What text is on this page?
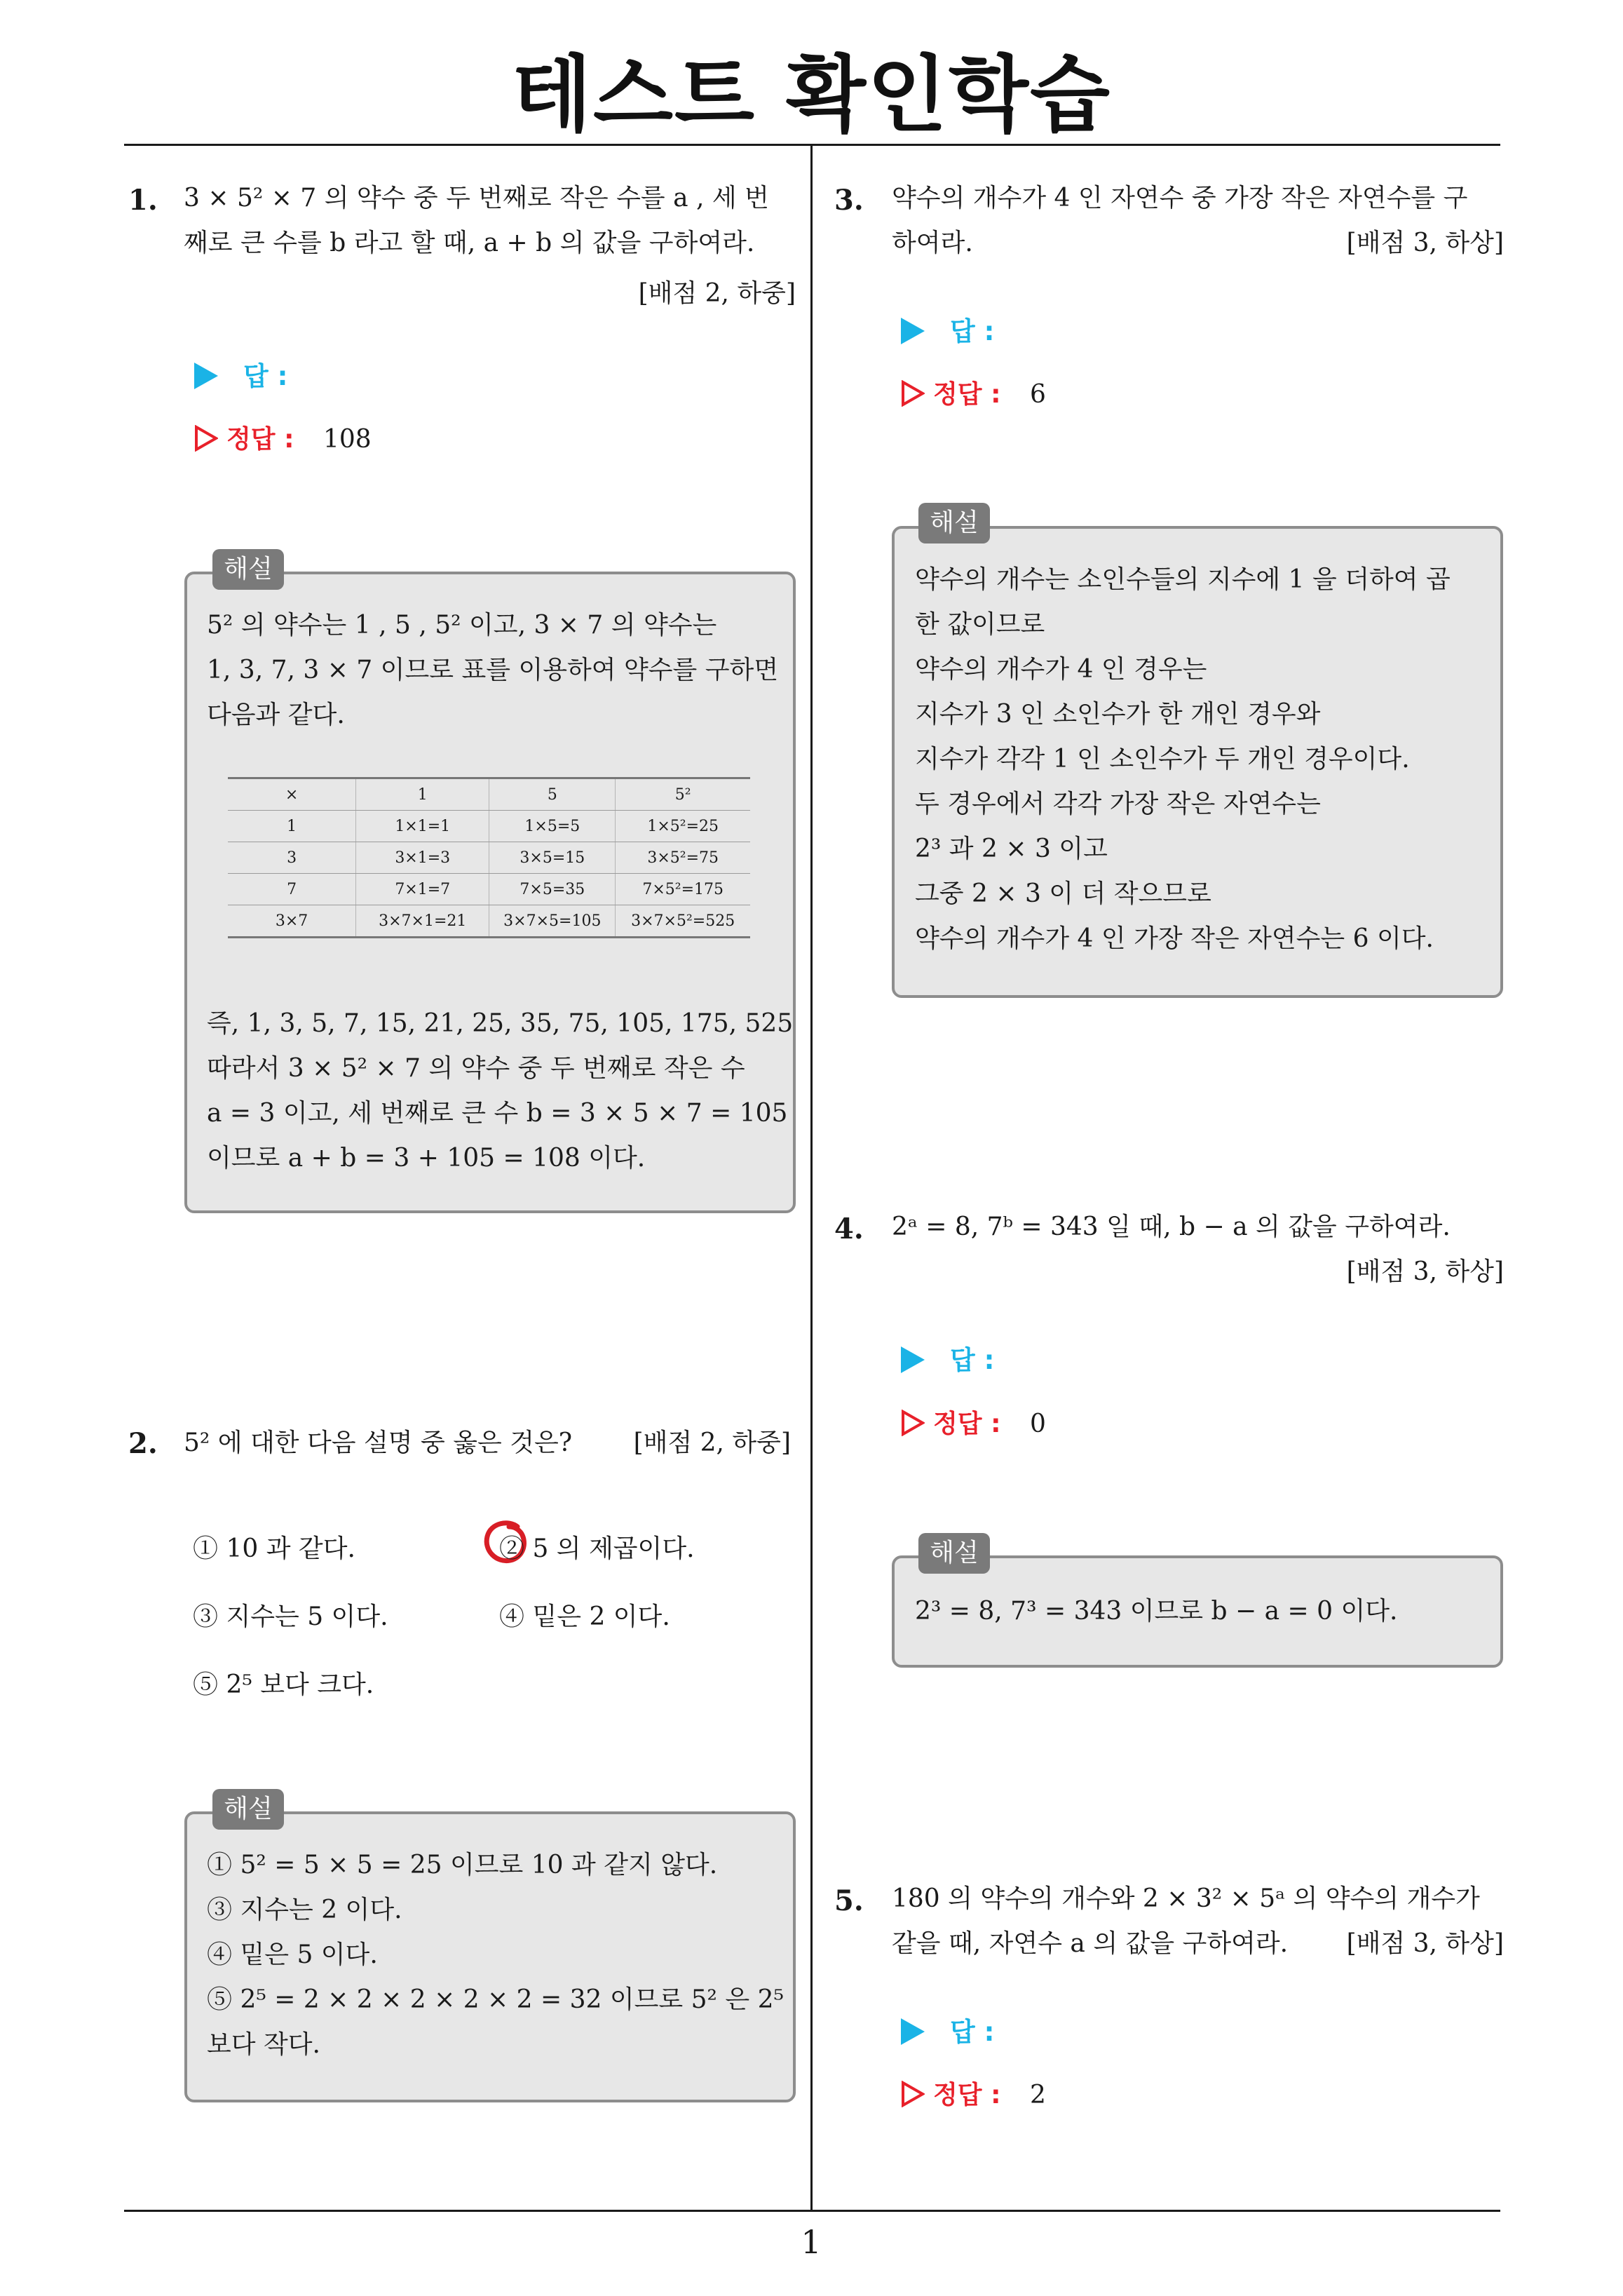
테스트 확인학습
1
1. 3 × 5² × 7 의 약수 중 두 번째로 작은 수를 a , 세 번
째로 큰 수를 b 라고 할 때, a + b 의 값을 구하여라.
[배점 2, 하중]
답 :
정답 : 108
해설
5² 의 약수는 1 , 5 , 5² 이고, 3 × 7 의 약수는
1, 3, 7, 3 × 7 이므로 표를 이용하여 약수를 구하면
다음과 같다.
×	1	5	5²
1	1×1=1	1×5=5	1×5²=25
3	3×1=3	3×5=15	3×5²=75
7	7×1=7	7×5=35	7×5²=175
3×7	3×7×1=21	3×7×5=105	3×7×5²=525
즉, 1, 3, 5, 7, 15, 21, 25, 35, 75, 105, 175, 525
따라서 3 × 5² × 7 의 약수 중 두 번째로 작은 수
a = 3 이고, 세 번째로 큰 수 b = 3 × 5 × 7 = 105
이므로 a + b = 3 + 105 = 108 이다.
2. 5² 에 대한 다음 설명 중 옳은 것은?	[배점 2, 하중]
① 10 과 같다.	② 5 의 제곱이다.
③ 지수는 5 이다.	④ 밑은 2 이다.
⑤ 2⁵ 보다 크다.
해설
① 5² = 5 × 5 = 25 이므로 10 과 같지 않다.
③ 지수는 2 이다.
④ 밑은 5 이다.
⑤ 2⁵ = 2 × 2 × 2 × 2 × 2 = 32 이므로 5² 은 2⁵
보다 작다.
3. 약수의 개수가 4 인 자연수 중 가장 작은 자연수를 구
하여라.	[배점 3, 하상]
답 :
정답 : 6
해설
약수의 개수는 소인수들의 지수에 1 을 더하여 곱
한 값이므로
약수의 개수가 4 인 경우는
지수가 3 인 소인수가 한 개인 경우와
지수가 각각 1 인 소인수가 두 개인 경우이다.
두 경우에서 각각 가장 작은 자연수는
2³ 과 2 × 3 이고
그중 2 × 3 이 더 작으므로
약수의 개수가 4 인 가장 작은 자연수는 6 이다.
4. 2ᵃ = 8, 7ᵇ = 343 일 때, b − a 의 값을 구하여라.
[배점 3, 하상]
답 :
정답 : 0
해설
2³ = 8, 7³ = 343 이므로 b − a = 0 이다.
5. 180 의 약수의 개수와 2 × 3² × 5ᵃ 의 약수의 개수가
같을 때, 자연수 a 의 값을 구하여라.	[배점 3, 하상]
답 :
정답 : 2
